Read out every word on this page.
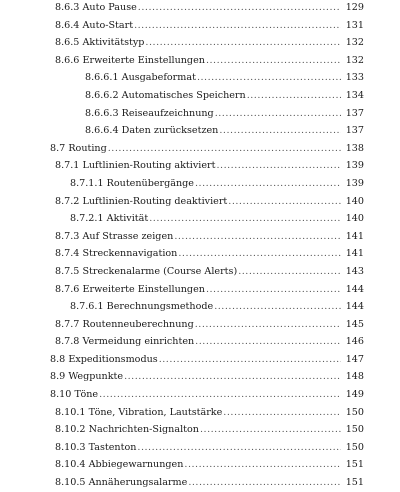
8.6.3
Auto Pause .....	129
8.6.4
Auto-Start .....	131
8.6.5
Aktivitätstyp .....	132
8.6.6
Erweiterte Einstellungen .....	132
8.6.6.1
Ausgabeformat .....	133
8.6.6.2
Automatisches Speichern .....	134
8.6.6.3
Reiseaufzeichnung .....	137
8.6.6.4
Daten zurücksetzen .....	137
8.7
Routing .....	138
8.7.1
Luftlinien-Routing aktiviert .....	139
8.7.1.1
Routenübergänge .....	139
8.7.2
Luftlinien-Routing deaktiviert .....	140
8.7.2.1
Aktivität .....	140
8.7.3
Auf Strasse zeigen .....	141
8.7.4
Streckennavigation .....	141
8.7.5
Streckenalarme (Course Alerts) .....	143
8.7.6
Erweiterte Einstellungen .....	144
8.7.6.1
Berechnungsmethode .....	144
8.7.7
Routenneuberechnung .....	145
8.7.8
Vermeidung einrichten .....	146
8.8
Expeditionsmodus .....	147
8.9
Wegpunkte .....	148
8.10
Töne .....	149
8.10.1
Töne, Vibration, Lautstärke .....	150
8.10.2
Nachrichten-Signalton .....	150
8.10.3
Tastenton .....	150
8.10.4
Abbiegewarnungen .....	151
8.10.5
Annäherungsalarme .....	151
